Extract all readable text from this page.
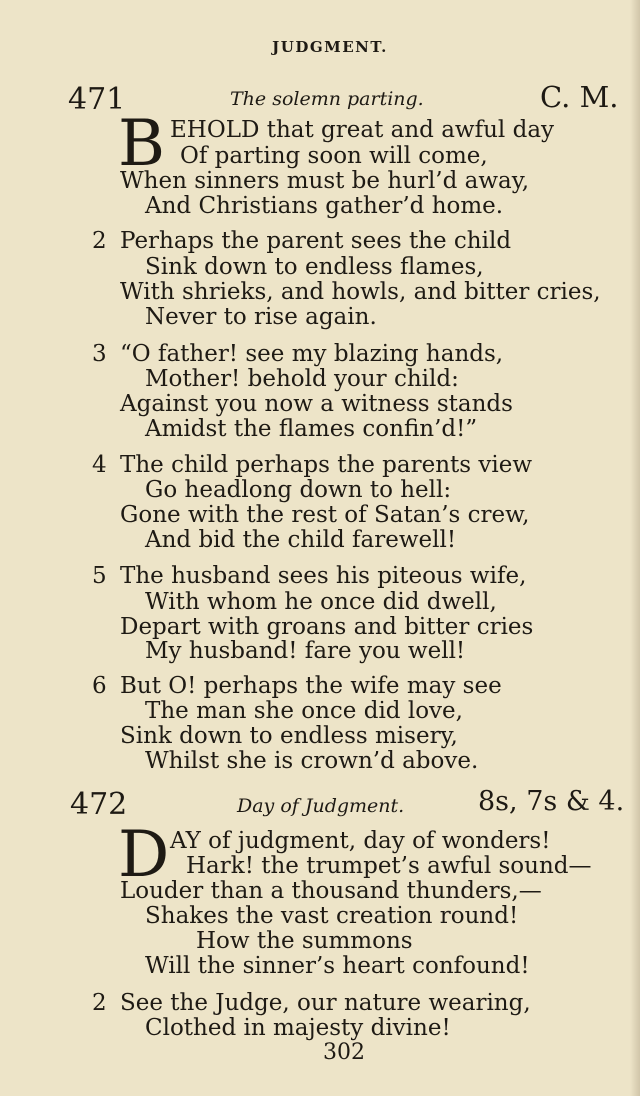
JUDGMENT.
471	The solemn parting.	C. M.
B EHOLD that great and awful day
Of parting soon will come,
When sinners must be hurl’d away,
And Christians gather’d home.
2 Perhaps the parent sees the child
Sink down to endless flames,
With shrieks, and howls, and bitter cries,
Never to rise again.
3 “O father! see my blazing hands,
Mother! behold your child:
Against you now a witness stands
Amidst the flames confin’d!”
4 The child perhaps the parents view
Go headlong down to hell:
Gone with the rest of Satan’s crew,
And bid the child farewell!
5 The husband sees his piteous wife,
With whom he once did dwell,
Depart with groans and bitter cries
My husband! fare you well!
6 But O! perhaps the wife may see
The man she once did love,
Sink down to endless misery,
Whilst she is crown’d above.
472	Day of Judgment.	8s, 7s & 4.
D AY of judgment, day of wonders!
Hark! the trumpet’s awful sound—
Louder than a thousand thunders,—
Shakes the vast creation round!
How the summons
Will the sinner’s heart confound!
2 See the Judge, our nature wearing,
Clothed in majesty divine!
302
